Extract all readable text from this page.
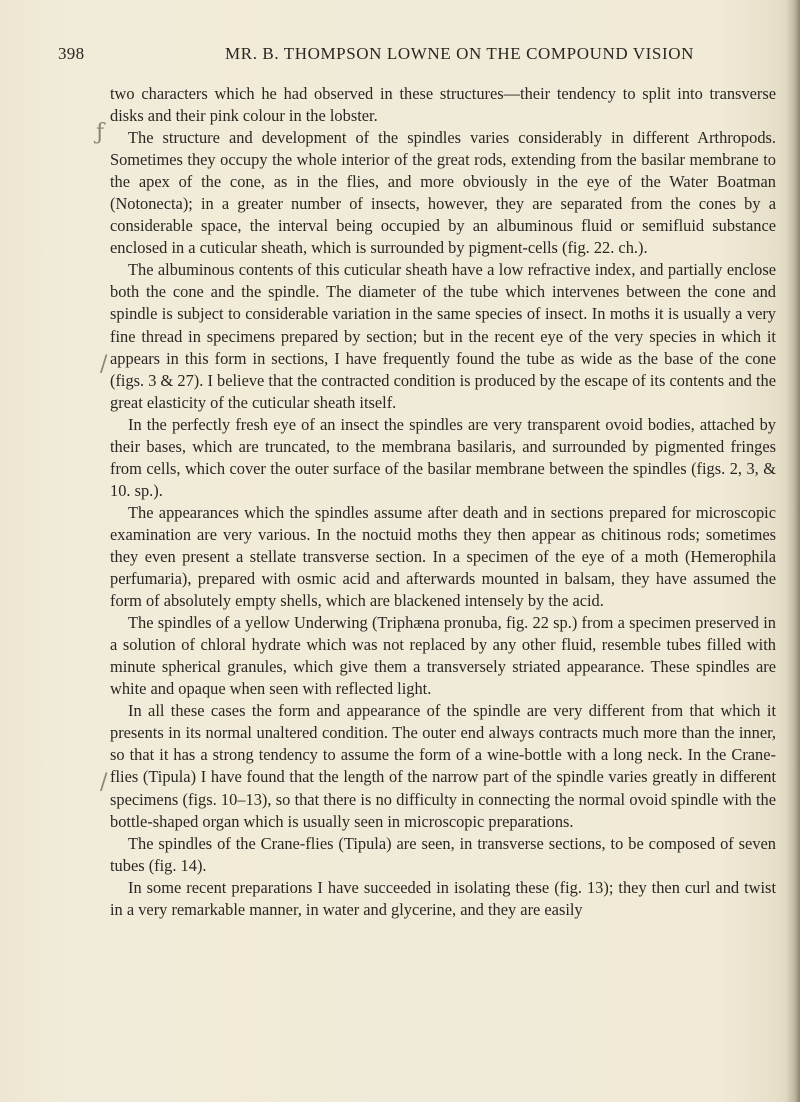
398	MR. B. THOMPSON LOWNE ON THE COMPOUND VISION

two characters which he had observed in these structures—their tendency to split into transverse disks and their pink colour in the lobster.

The structure and development of the spindles varies considerably in different Arthropods. Sometimes they occupy the whole interior of the great rods, extending from the basilar membrane to the apex of the cone, as in the flies, and more obviously in the eye of the Water Boatman (Notonecta); in a greater number of insects, however, they are separated from the cones by a considerable space, the interval being occupied by an albuminous fluid or semifluid substance enclosed in a cuticular sheath, which is surrounded by pigment-cells (fig. 22. ch.).

The albuminous contents of this cuticular sheath have a low refractive index, and partially enclose both the cone and the spindle. The diameter of the tube which intervenes between the cone and spindle is subject to considerable variation in the same species of insect. In moths it is usually a very fine thread in specimens prepared by section; but in the recent eye of the very species in which it appears in this form in sections, I have frequently found the tube as wide as the base of the cone (figs. 3 & 27). I believe that the contracted condition is produced by the escape of its contents and the great elasticity of the cuticular sheath itself.

In the perfectly fresh eye of an insect the spindles are very transparent ovoid bodies, attached by their bases, which are truncated, to the membrana basilaris, and surrounded by pigmented fringes from cells, which cover the outer surface of the basilar membrane between the spindles (figs. 2, 3, & 10. sp.).

The appearances which the spindles assume after death and in sections prepared for microscopic examination are very various. In the noctuid moths they then appear as chitinous rods; sometimes they even present a stellate transverse section. In a specimen of the eye of a moth (Hemerophila perfumaria), prepared with osmic acid and afterwards mounted in balsam, they have assumed the form of absolutely empty shells, which are blackened intensely by the acid.

The spindles of a yellow Underwing (Triphæna pronuba, fig. 22 sp.) from a specimen preserved in a solution of chloral hydrate which was not replaced by any other fluid, resemble tubes filled with minute spherical granules, which give them a transversely striated appearance. These spindles are white and opaque when seen with reflected light.

In all these cases the form and appearance of the spindle are very different from that which it presents in its normal unaltered condition. The outer end always contracts much more than the inner, so that it has a strong tendency to assume the form of a wine-bottle with a long neck. In the Crane-flies (Tipula) I have found that the length of the narrow part of the spindle varies greatly in different specimens (figs. 10–13), so that there is no difficulty in connecting the normal ovoid spindle with the bottle-shaped organ which is usually seen in microscopic preparations.

The spindles of the Crane-flies (Tipula) are seen, in transverse sections, to be composed of seven tubes (fig. 14).

In some recent preparations I have succeeded in isolating these (fig. 13); they then curl and twist in a very remarkable manner, in water and glycerine, and they are easily

ƒ
/
/
